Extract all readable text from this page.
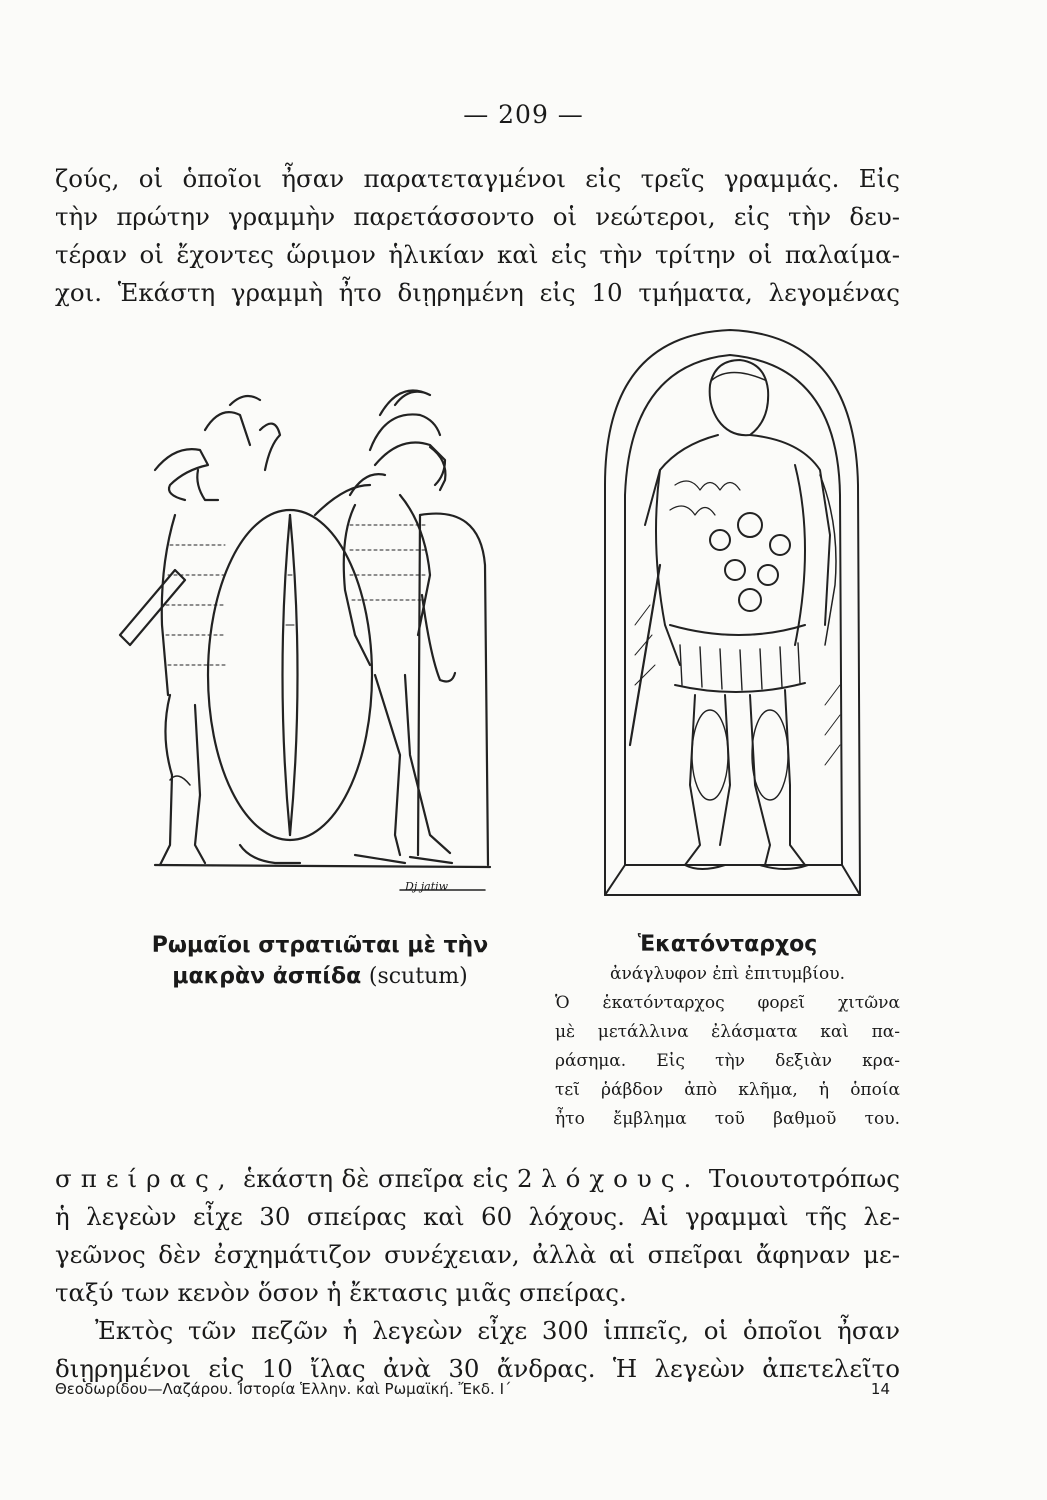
— 209 —
ζούς, οἱ ὁποῖοι ἦσαν παρατεταγμένοι εἰς τρεῖς γραμμάς. Εἰς
τὴν πρώτην γραμμὴν παρετάσσοντο οἱ νεώτεροι, εἰς τὴν δευ-
τέραν οἱ ἔχοντες ὥριμον ἡλικίαν καὶ εἰς τὴν τρίτην οἱ παλαίμα-
χοι. Ἑκάστη γραμμὴ ἦτο διῃρημένη εἰς 10 τμήματα, λεγομένας
Ρωμαῖοι στρατιῶται μὲ τὴν
μακρὰν ἀσπίδα (scutum)
Dj jatiw
Ἑκατόνταρχος
ἀνάγλυφον ἐπὶ ἐπιτυμβίου.
Ὁ ἑκατόνταρχος φορεῖ χιτῶνα
μὲ μετάλλινα ἐλάσματα καὶ πα-
ράσημα. Εἰς τὴν δεξιὰν κρα-
τεῖ ῥάβδον ἀπὸ κλῆμα, ἡ ὁποία
ἦτο ἔμβλημα τοῦ βαθμοῦ του.
σπείρας, ἑκάστη δὲ σπεῖρα εἰς 2 λόχους. Τοιουτοτρόπως
ἡ λεγεὼν εἶχε 30 σπείρας καὶ 60 λόχους. Αἱ γραμμαὶ τῆς λε-
γεῶνος δὲν ἐσχημάτιζον συνέχειαν, ἀλλὰ αἱ σπεῖραι ἄφηναν με-
ταξύ των κενὸν ὅσον ἡ ἔκτασις μιᾶς σπείρας.
Ἐκτὸς τῶν πεζῶν ἡ λεγεὼν εἶχε 300 ἱππεῖς, οἱ ὁποῖοι ἦσαν
διῃρημένοι εἰς 10 ἴλας ἀνὰ 30 ἄνδρας. Ἡ λεγεὼν ἀπετελεῖτο
Θεοδωρίδου—Λαζάρου. Ἱστορία Ἑλλην. καὶ Ρωμαϊκή. Ἔκδ. Ι΄	14
